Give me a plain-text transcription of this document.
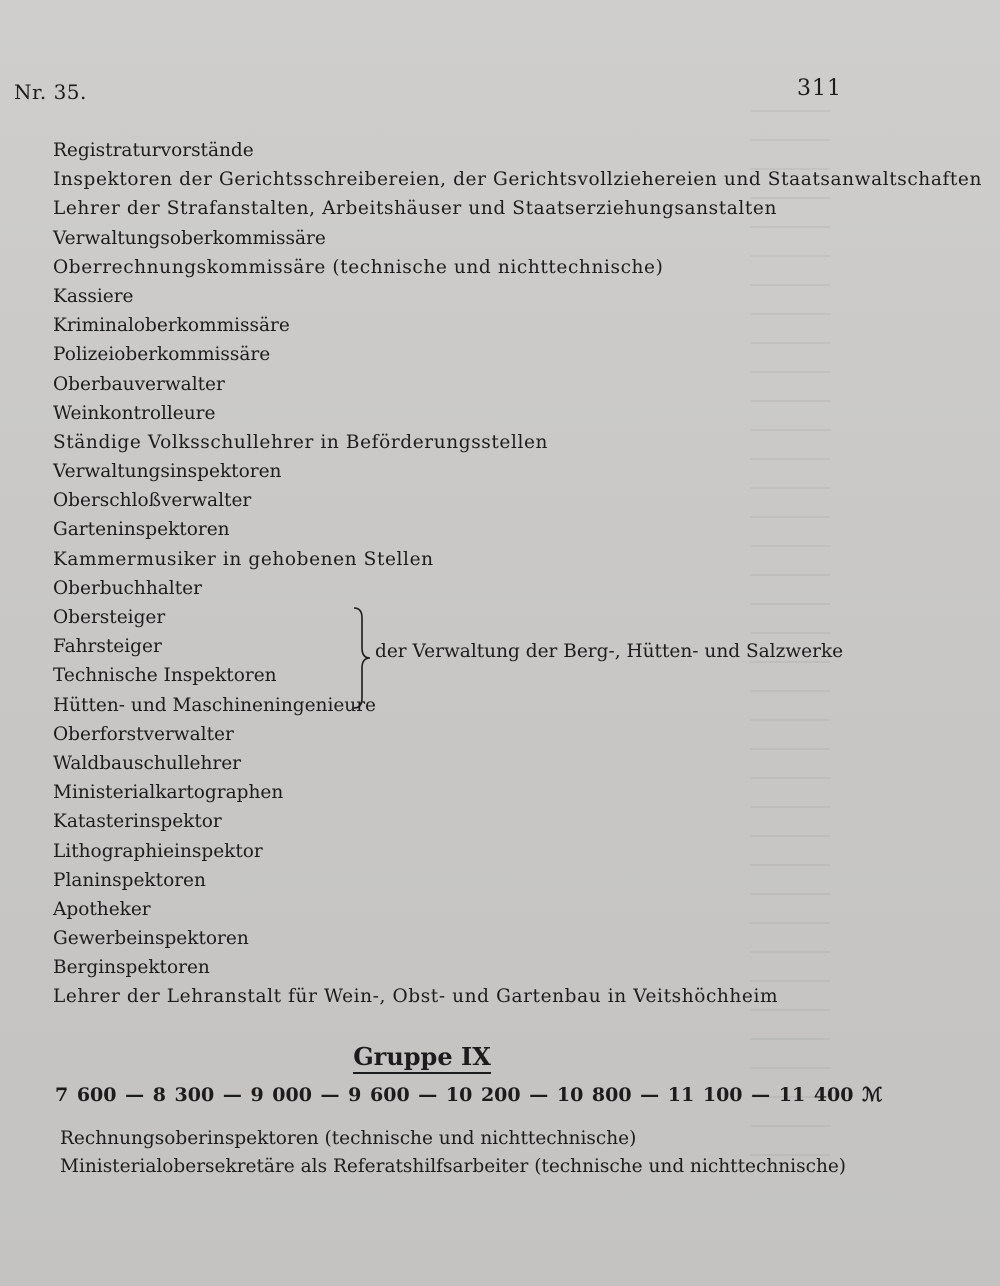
Nr. 35.	311
Registraturvorstände
Inspektoren der Gerichtsschreibereien, der Gerichtsvollziehereien und Staatsanwaltschaften
Lehrer der Strafanstalten, Arbeitshäuser und Staatserziehungsanstalten
Verwaltungsoberkommissäre
Oberrechnungskommissäre (technische und nichttechnische)
Kassiere
Kriminaloberkommissäre
Polizeioberkommissäre
Oberbauverwalter
Weinkontrolleure
Ständige Volksschullehrer in Beförderungsstellen
Verwaltungsinspektoren
Oberschloßverwalter
Garteninspektoren
Kammermusiker in gehobenen Stellen
Oberbuchhalter
Obersteiger
Fahrsteiger
Technische Inspektoren
Hütten- und Maschineningenieure
Oberforstverwalter
Waldbauschullehrer
Ministerialkartographen
Katasterinspektor
Lithographieinspektor
Planinspektoren
Apotheker
Gewerbeinspektoren
Berginspektoren
Lehrer der Lehranstalt für Wein-, Obst- und Gartenbau in Veitshöchheim
der Verwaltung der Berg-, Hütten- und Salzwerke
Gruppe IX
7 600 — 8 300 — 9 000 — 9 600 — 10 200 — 10 800 — 11 100 — 11 400 ℳ
Rechnungsoberinspektoren (technische und nichttechnische)
Ministerialobersekretäre als Referatshilfsarbeiter (technische und nichttechnische)
